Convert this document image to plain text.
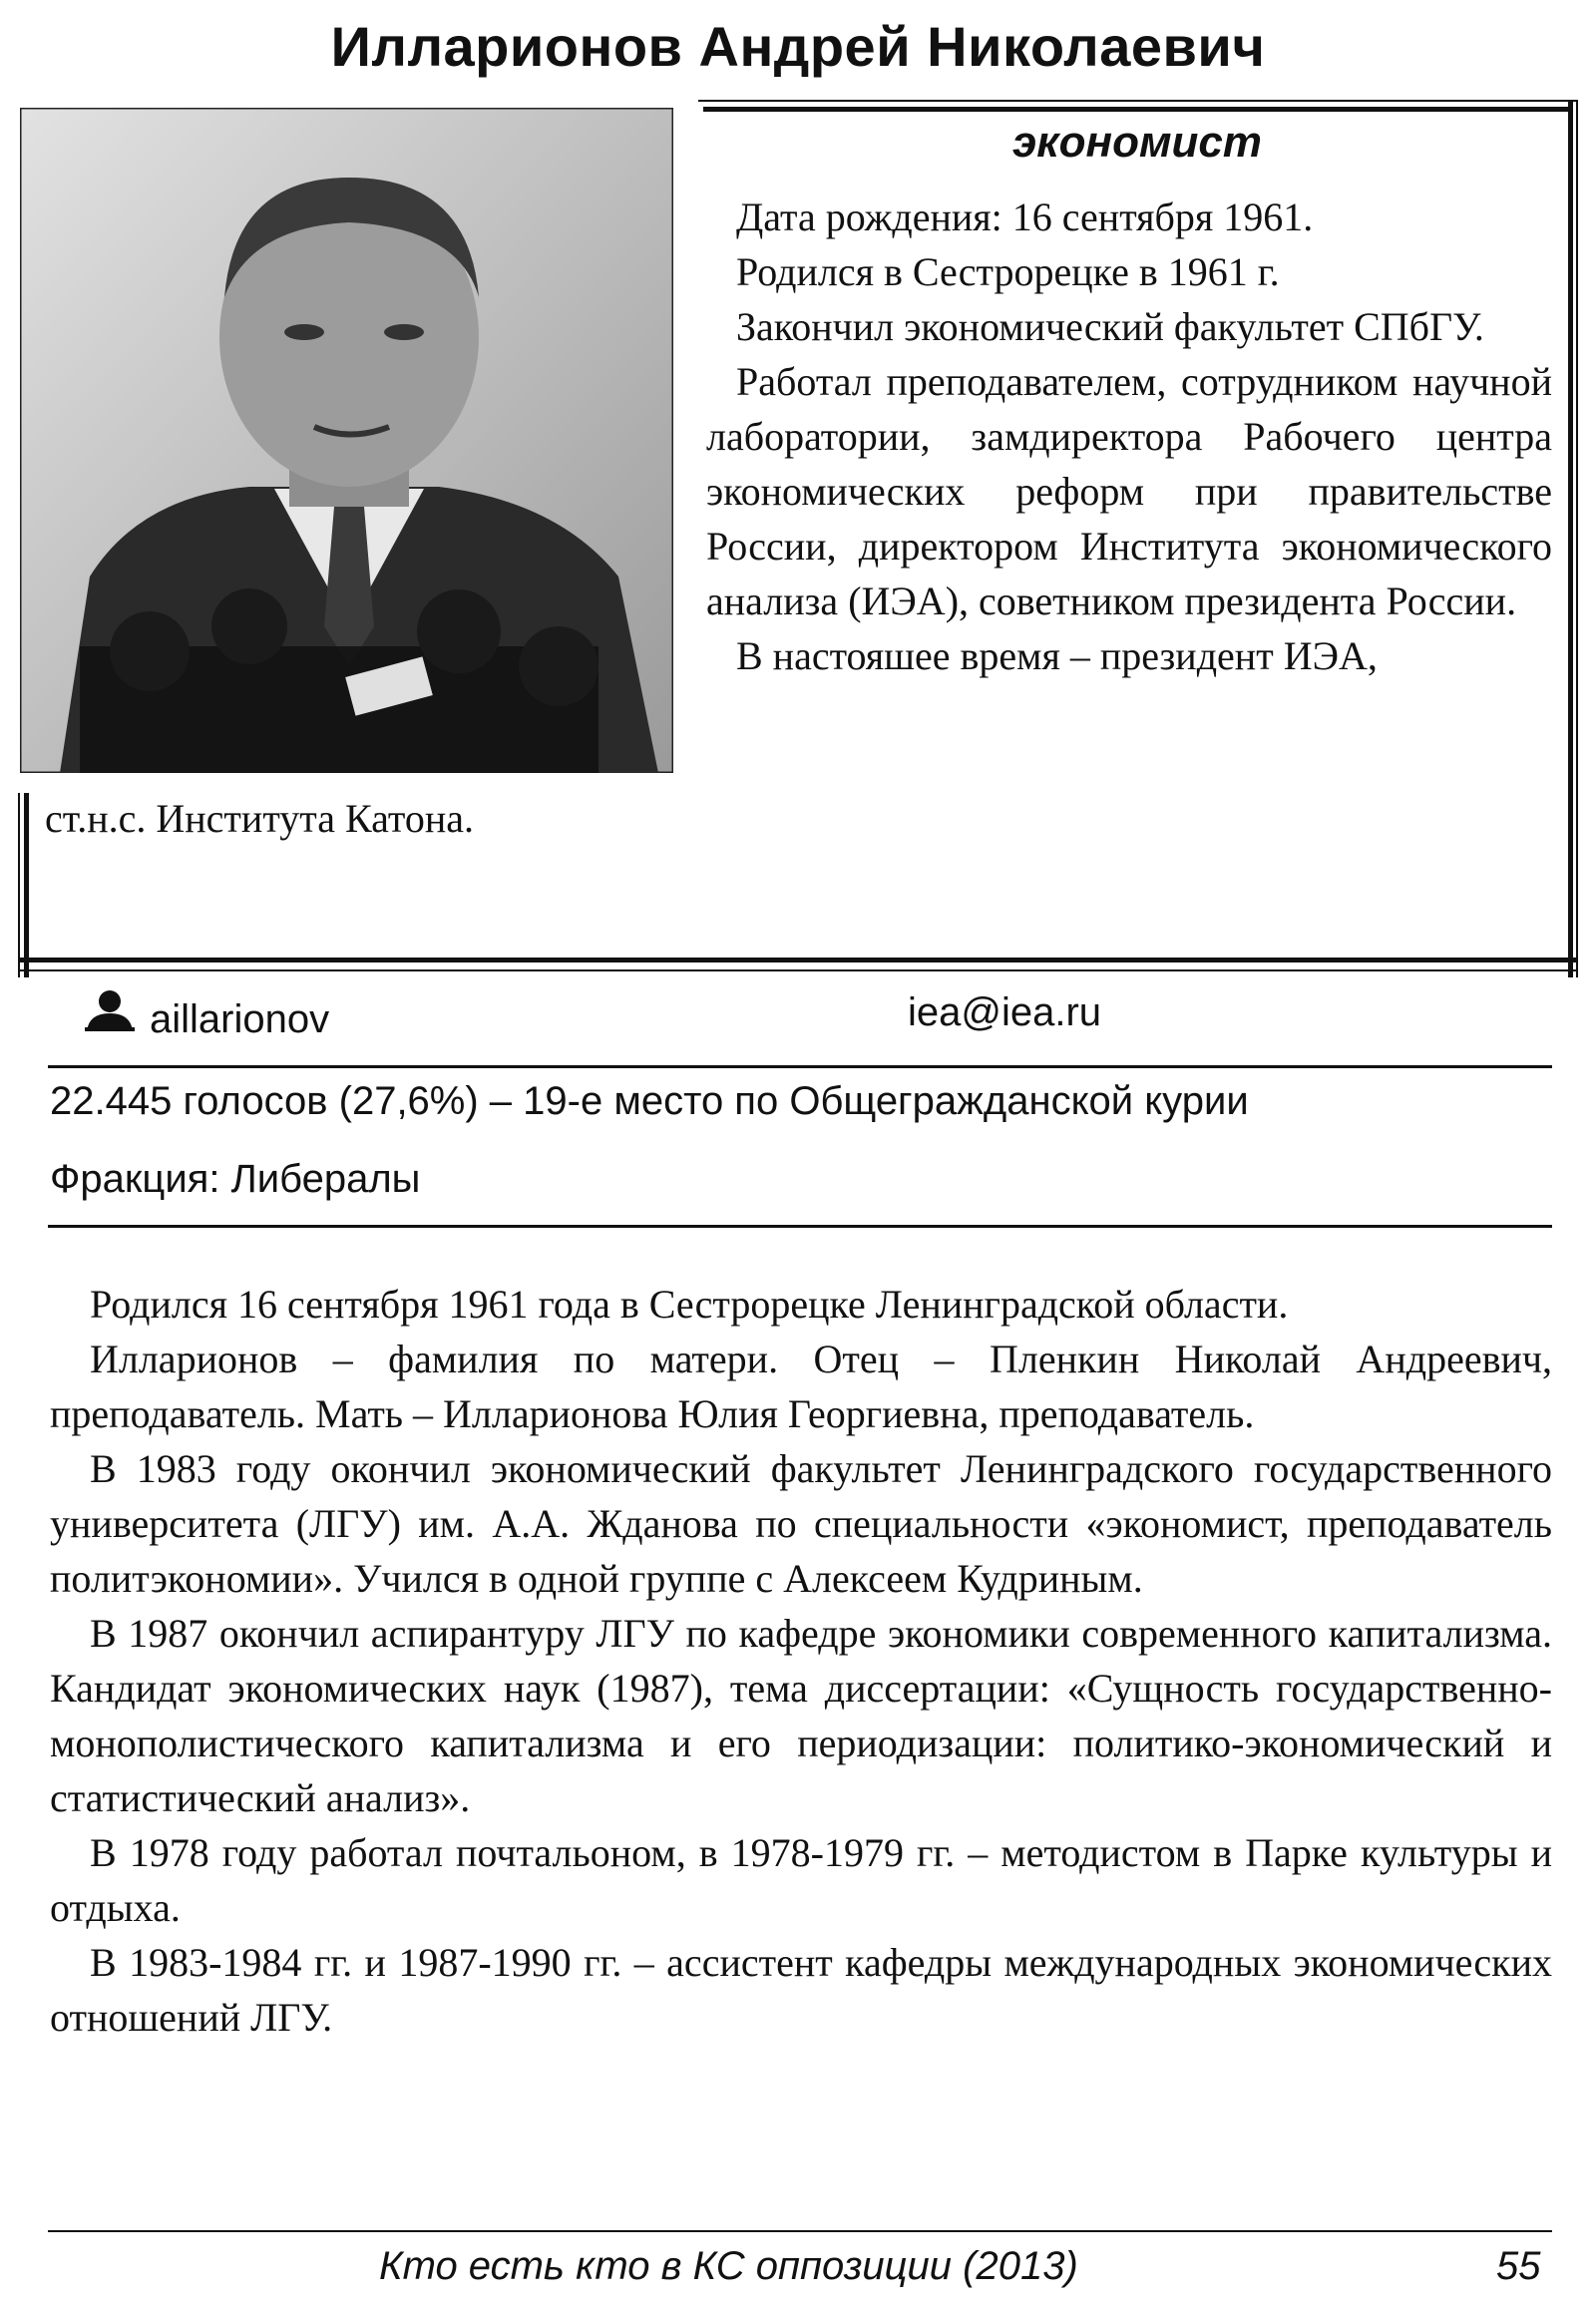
Илларионов Андрей Николаевич
экономист

Дата рождения: 16 сентября 1961.

Родился в Сестрорецке в 1961 г.

Закончил экономический факультет СПбГУ.

Работал преподавателем, сотрудником научной лаборатории, замдиректора Рабочего центра экономических реформ при правительстве России, директором Института экономического анализа (ИЭА), советником президента России.

В настояшее время – президент ИЭА,

ст.н.с. Института Катона.
aillarionov	iea@iea.ru
22.445 голосов (27,6%) – 19-е место по Общегражданской курии
Фракция: Либералы

Родился 16 сентября 1961 года в Сестрорецке Ленинградской области.

Илларионов – фамилия по матери. Отец – Пленкин Николай Андреевич, преподаватель. Мать – Илларионова Юлия Георгиевна, преподаватель.

В 1983 году окончил экономический факультет Ленинградского государственного университета (ЛГУ) им. А.А. Жданова по специальности «экономист, преподаватель политэкономии». Учился в одной группе с Алексеем Кудриным.

В 1987 окончил аспирантуру ЛГУ по кафедре экономики современного капитализма. Кандидат экономических наук (1987), тема диссертации: «Сущность государственно-монополистического капитализма и его периодизации: политико-экономический и статистический анализ».

В 1978 году работал почтальоном, в 1978-1979 гг. – методистом в Парке культуры и отдыха.

В 1983-1984 гг. и 1987-1990 гг. – ассистент кафедры международных экономических отношений ЛГУ.

Кто есть кто в КС оппозиции (2013)	55
